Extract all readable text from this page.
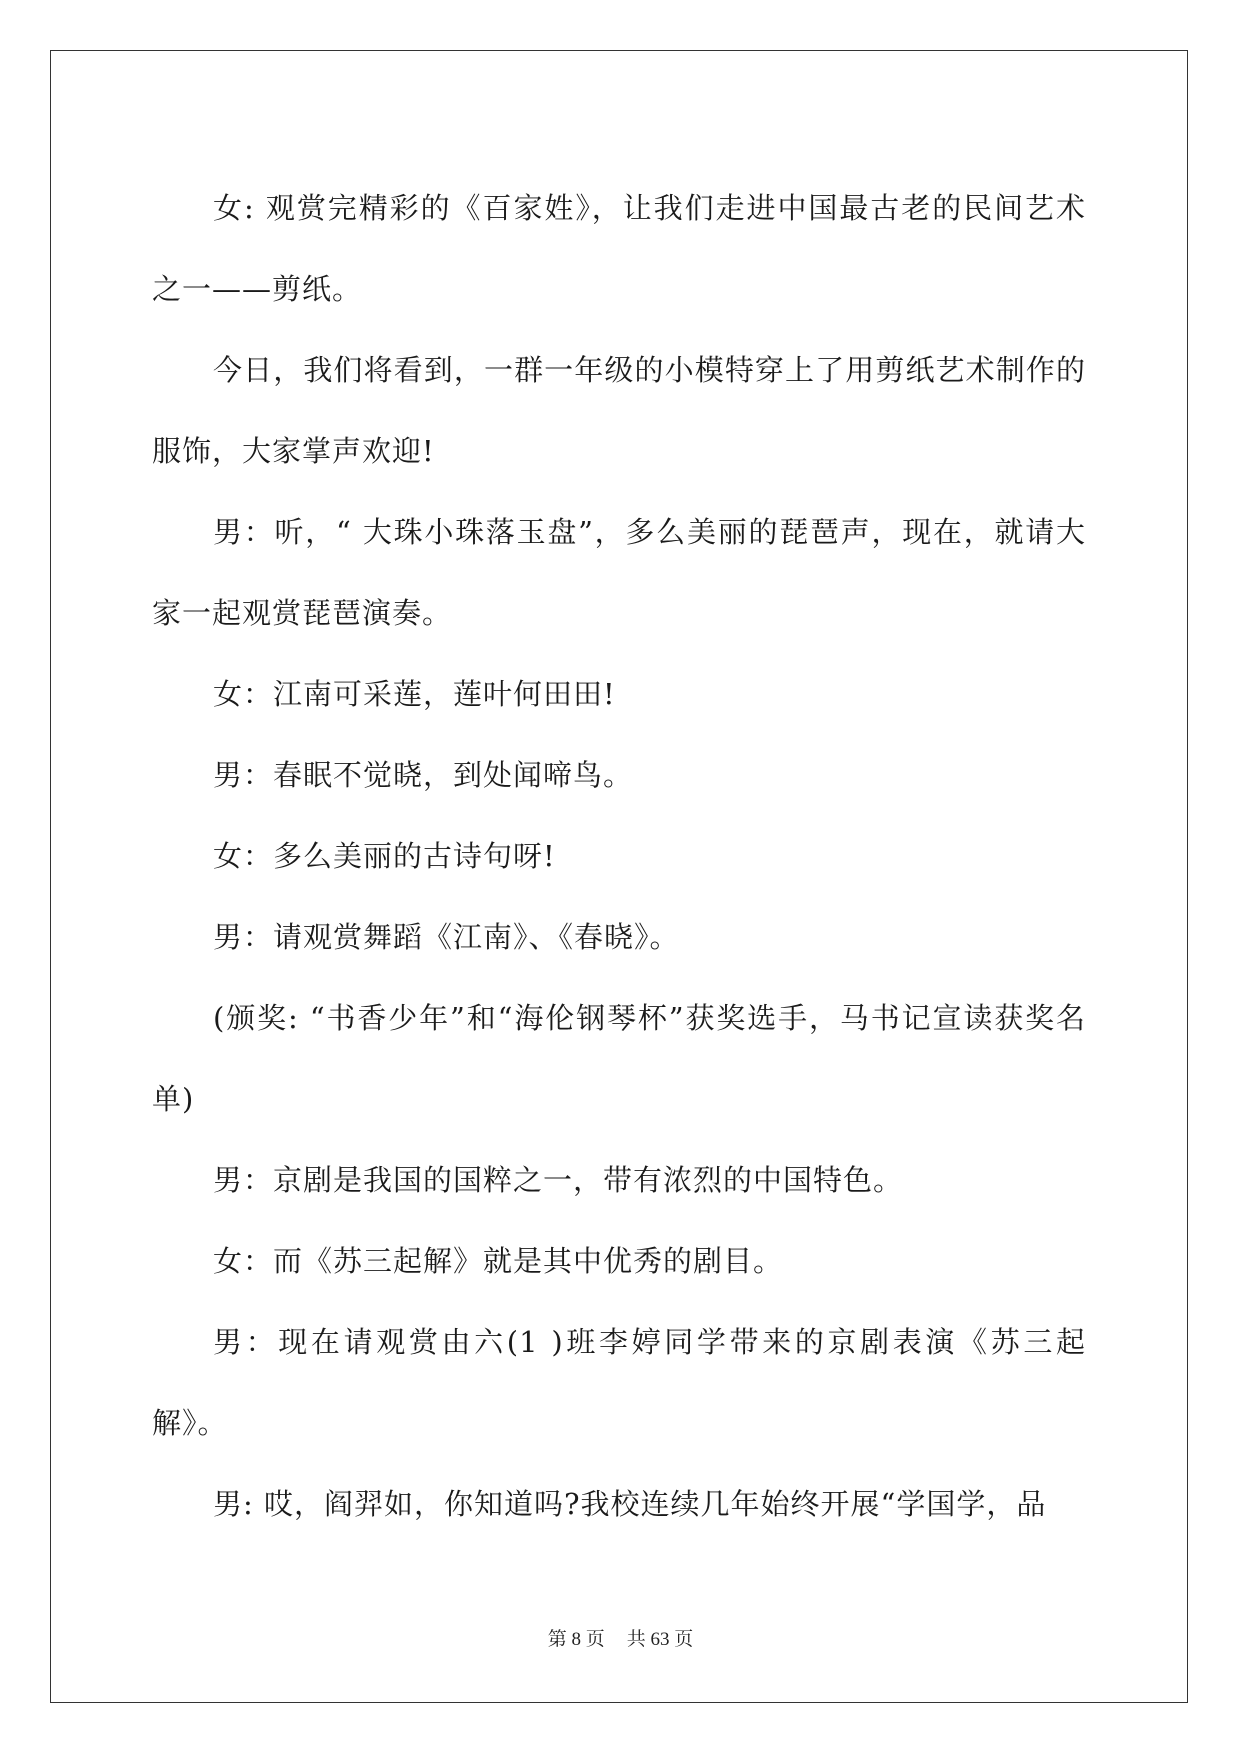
女: 观赏完精彩的《百家姓》，让我们走进中国最古老的民间艺术之一——剪纸。

今日，我们将看到，一群一年级的小模特穿上了用剪纸艺术制作的服饰，大家掌声欢迎!

男：听，“ 大珠小珠落玉盘”，多么美丽的琵琶声，现在，就请大家一起观赏琵琶演奏。

女：江南可采莲，莲叶何田田!

男：春眠不觉晓，到处闻啼鸟。

女：多么美丽的古诗句呀!

男：请观赏舞蹈《江南》、《春晓》。

(颁奖: “书香少年”和“海伦钢琴杯”获奖选手，马书记宣读获奖名单)

男：京剧是我国的国粹之一，带有浓烈的中国特色。

女：而《苏三起解》就是其中优秀的剧目。

男：现在请观赏由六(1 )班李婷同学带来的京剧表演《苏三起解》。

男: 哎，阎羿如，你知道吗?我校连续几年始终开展“学国学，品

第 8 页 共 63 页
